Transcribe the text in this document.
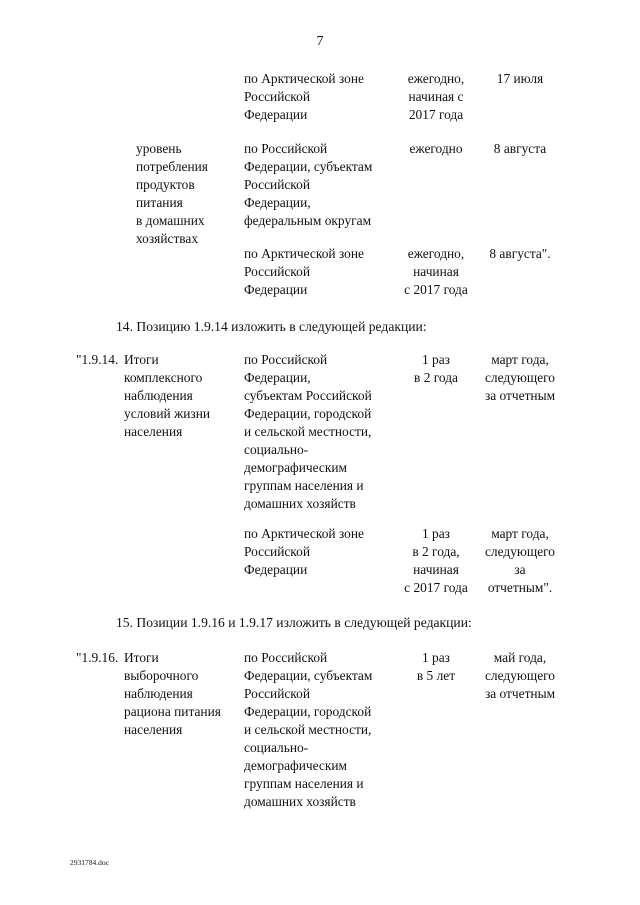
7
по Арктической зоне
Российской
Федерации
ежегодно,
начиная с
2017 года
17 июля
уровень
потребления
продуктов
питания
в домашних
хозяйствах
по Российской
Федерации, субъектам
Российской
Федерации,
федеральным округам
ежегодно	8 августа
по Арктической зоне
Российской
Федерации
ежегодно,
начиная
с 2017 года
8 августа".
14. Позицию 1.9.14 изложить в следующей редакции:
"1.9.14. Итоги
комплексного
наблюдения
условий жизни
населения
по Российской
Федерации,
субъектам Российской
Федерации, городской
и сельской местности,
социально-
демографическим
группам населения и
домашних хозяйств
1 раз
в 2 года
март года,
следующего
за отчетным
по Арктической зоне
Российской
Федерации
1 раз
в 2 года,
начиная
с 2017 года
март года,
следующего
за
отчетным".
15. Позиции 1.9.16 и 1.9.17 изложить в следующей редакции:
"1.9.16. Итоги
выборочного
наблюдения
рациона питания
населения
по Российской
Федерации, субъектам
Российской
Федерации, городской
и сельской местности,
социально-
демографическим
группам населения и
домашних хозяйств
1 раз
в 5 лет
май года,
следующего
за отчетным
2931784.doc
